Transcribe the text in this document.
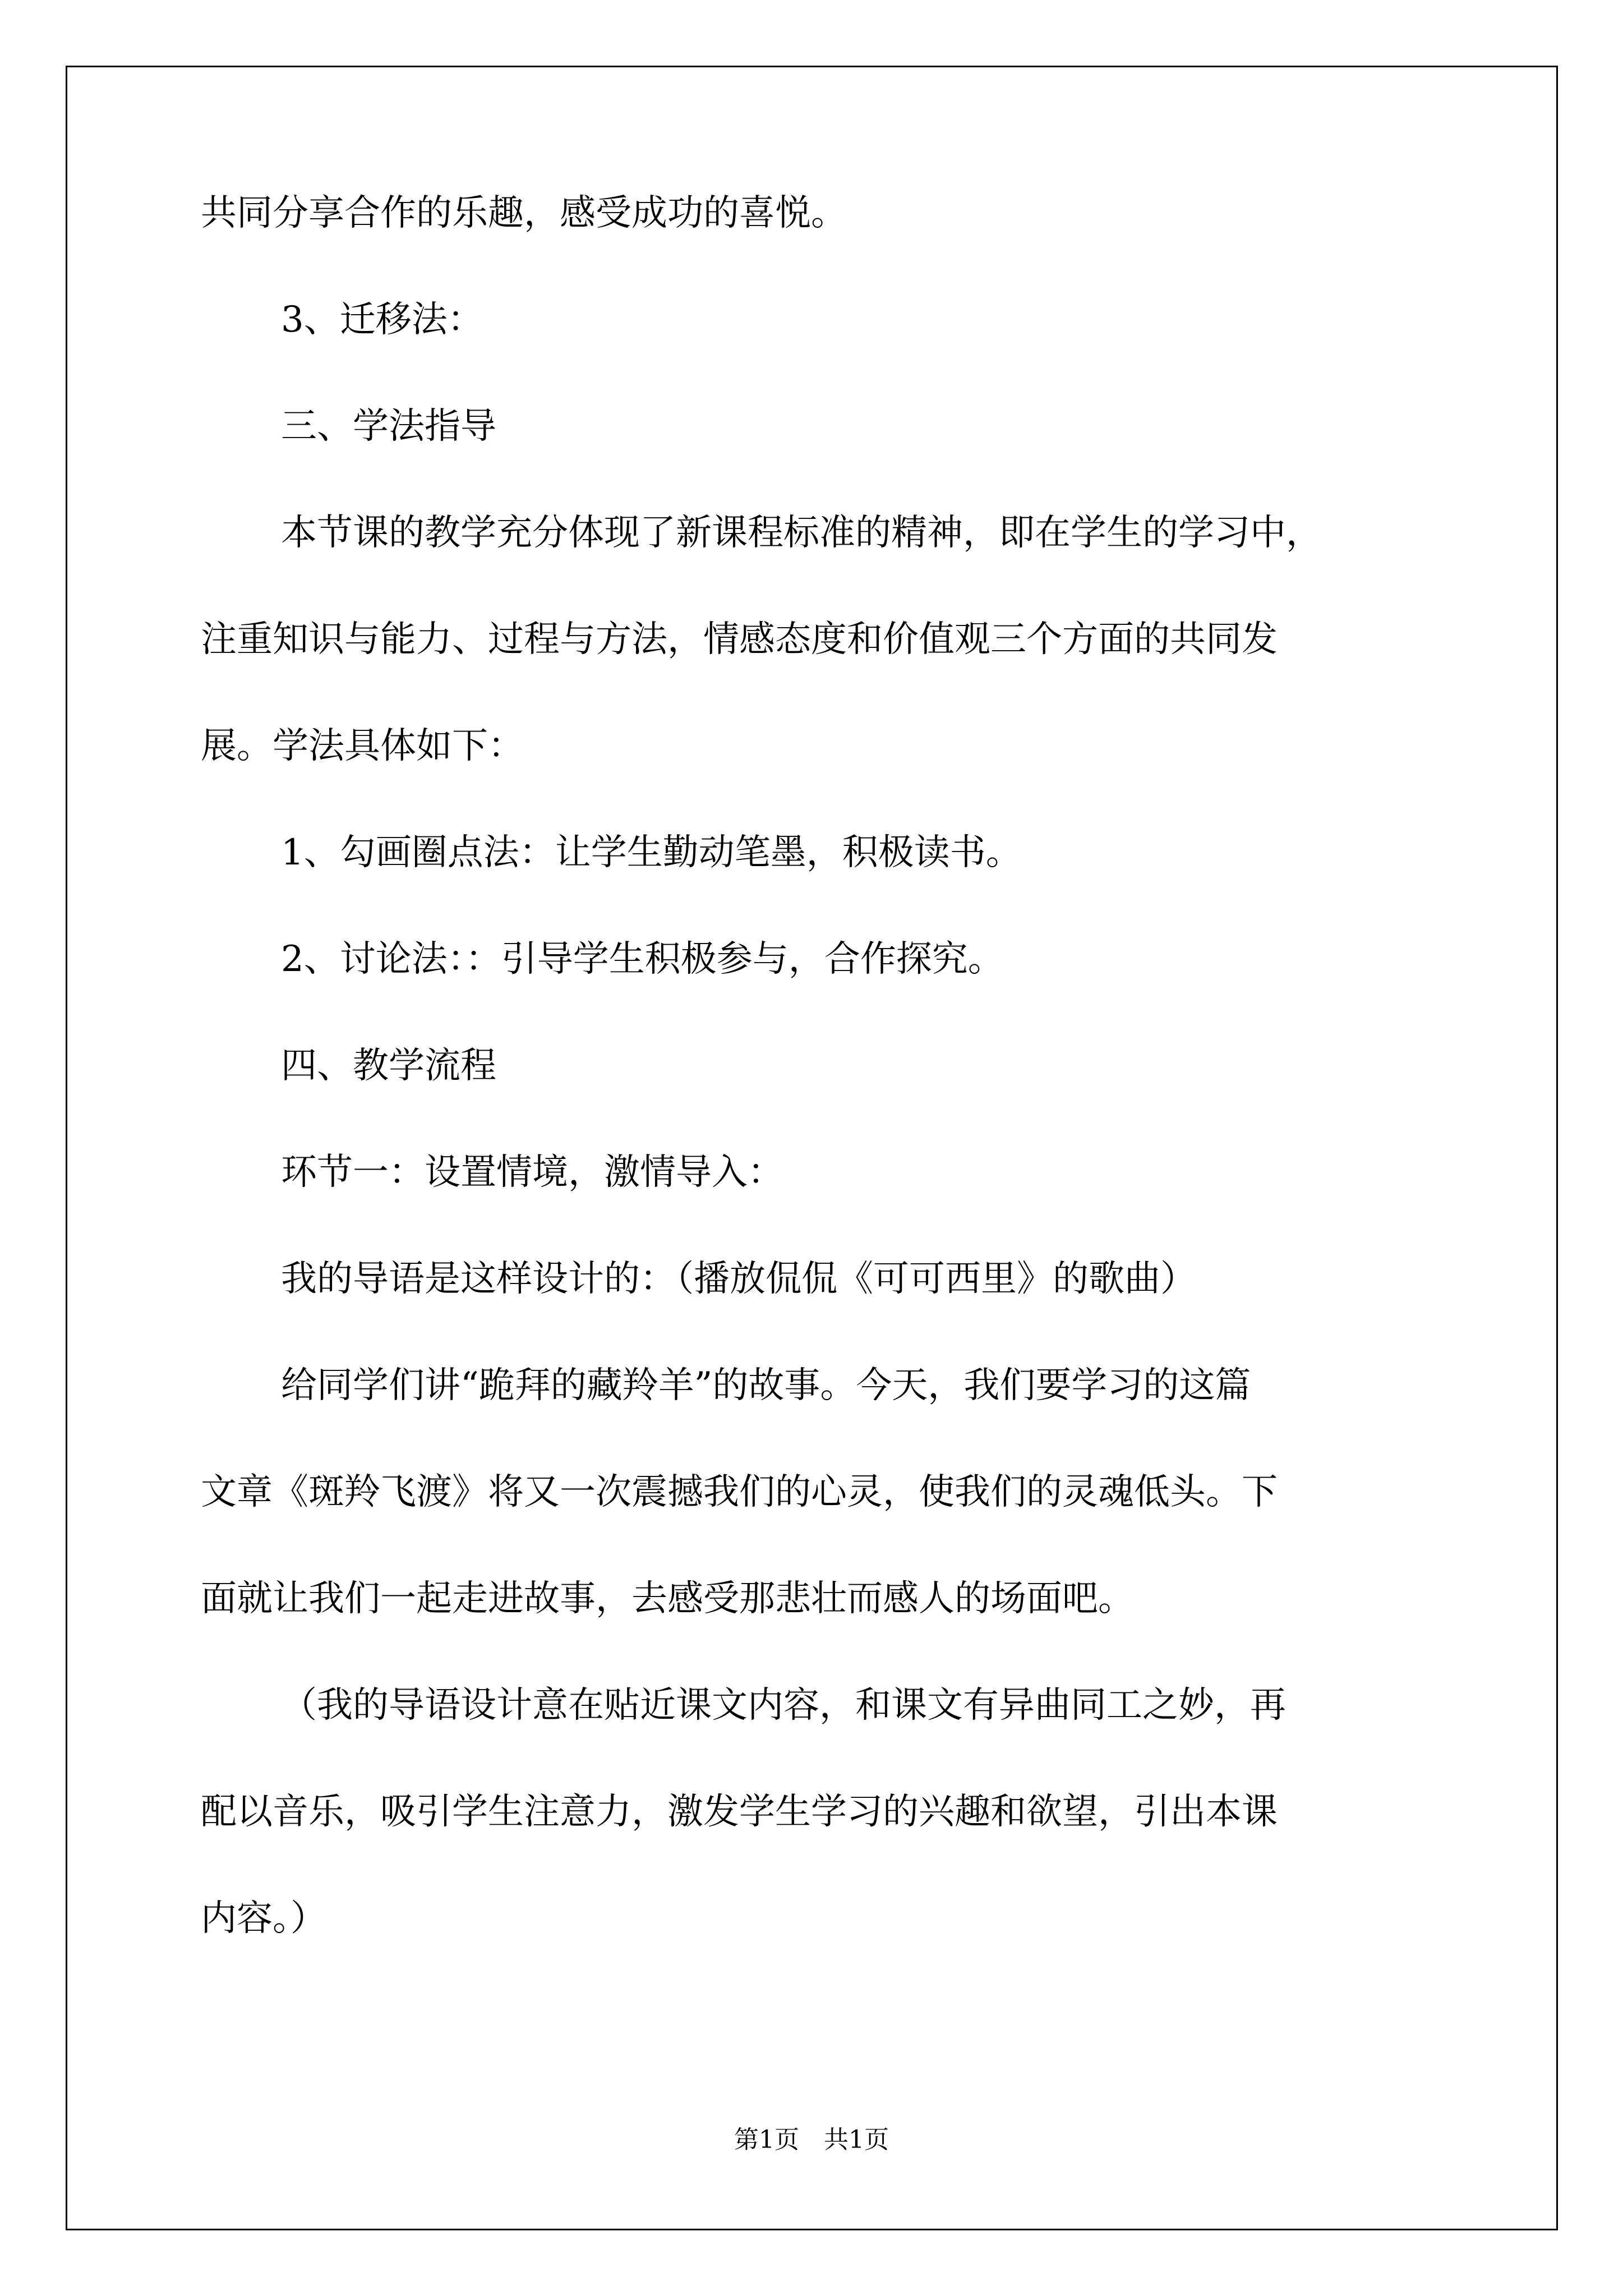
共同分享合作的乐趣，感受成功的喜悦。
3、迁移法：
三、学法指导
本节课的教学充分体现了新课程标准的精神，即在学生的学习中，
注重知识与能力、过程与方法，情感态度和价值观三个方面的共同发
展。学法具体如下：
1、勾画圈点法：让学生勤动笔墨，积极读书。
2、讨论法：：引导学生积极参与，合作探究。
四、教学流程
环节一：设置情境，激情导入：
我的导语是这样设计的：（播放侃侃《可可西里》的歌曲）
给同学们讲“跪拜的藏羚羊”的故事。今天，我们要学习的这篇
文章《斑羚飞渡》将又一次震撼我们的心灵，使我们的灵魂低头。下
面就让我们一起走进故事，去感受那悲壮而感人的场面吧。
（我的导语设计意在贴近课文内容，和课文有异曲同工之妙，再
配以音乐，吸引学生注意力，激发学生学习的兴趣和欲望，引出本课
内容。）
第1页　共1页
